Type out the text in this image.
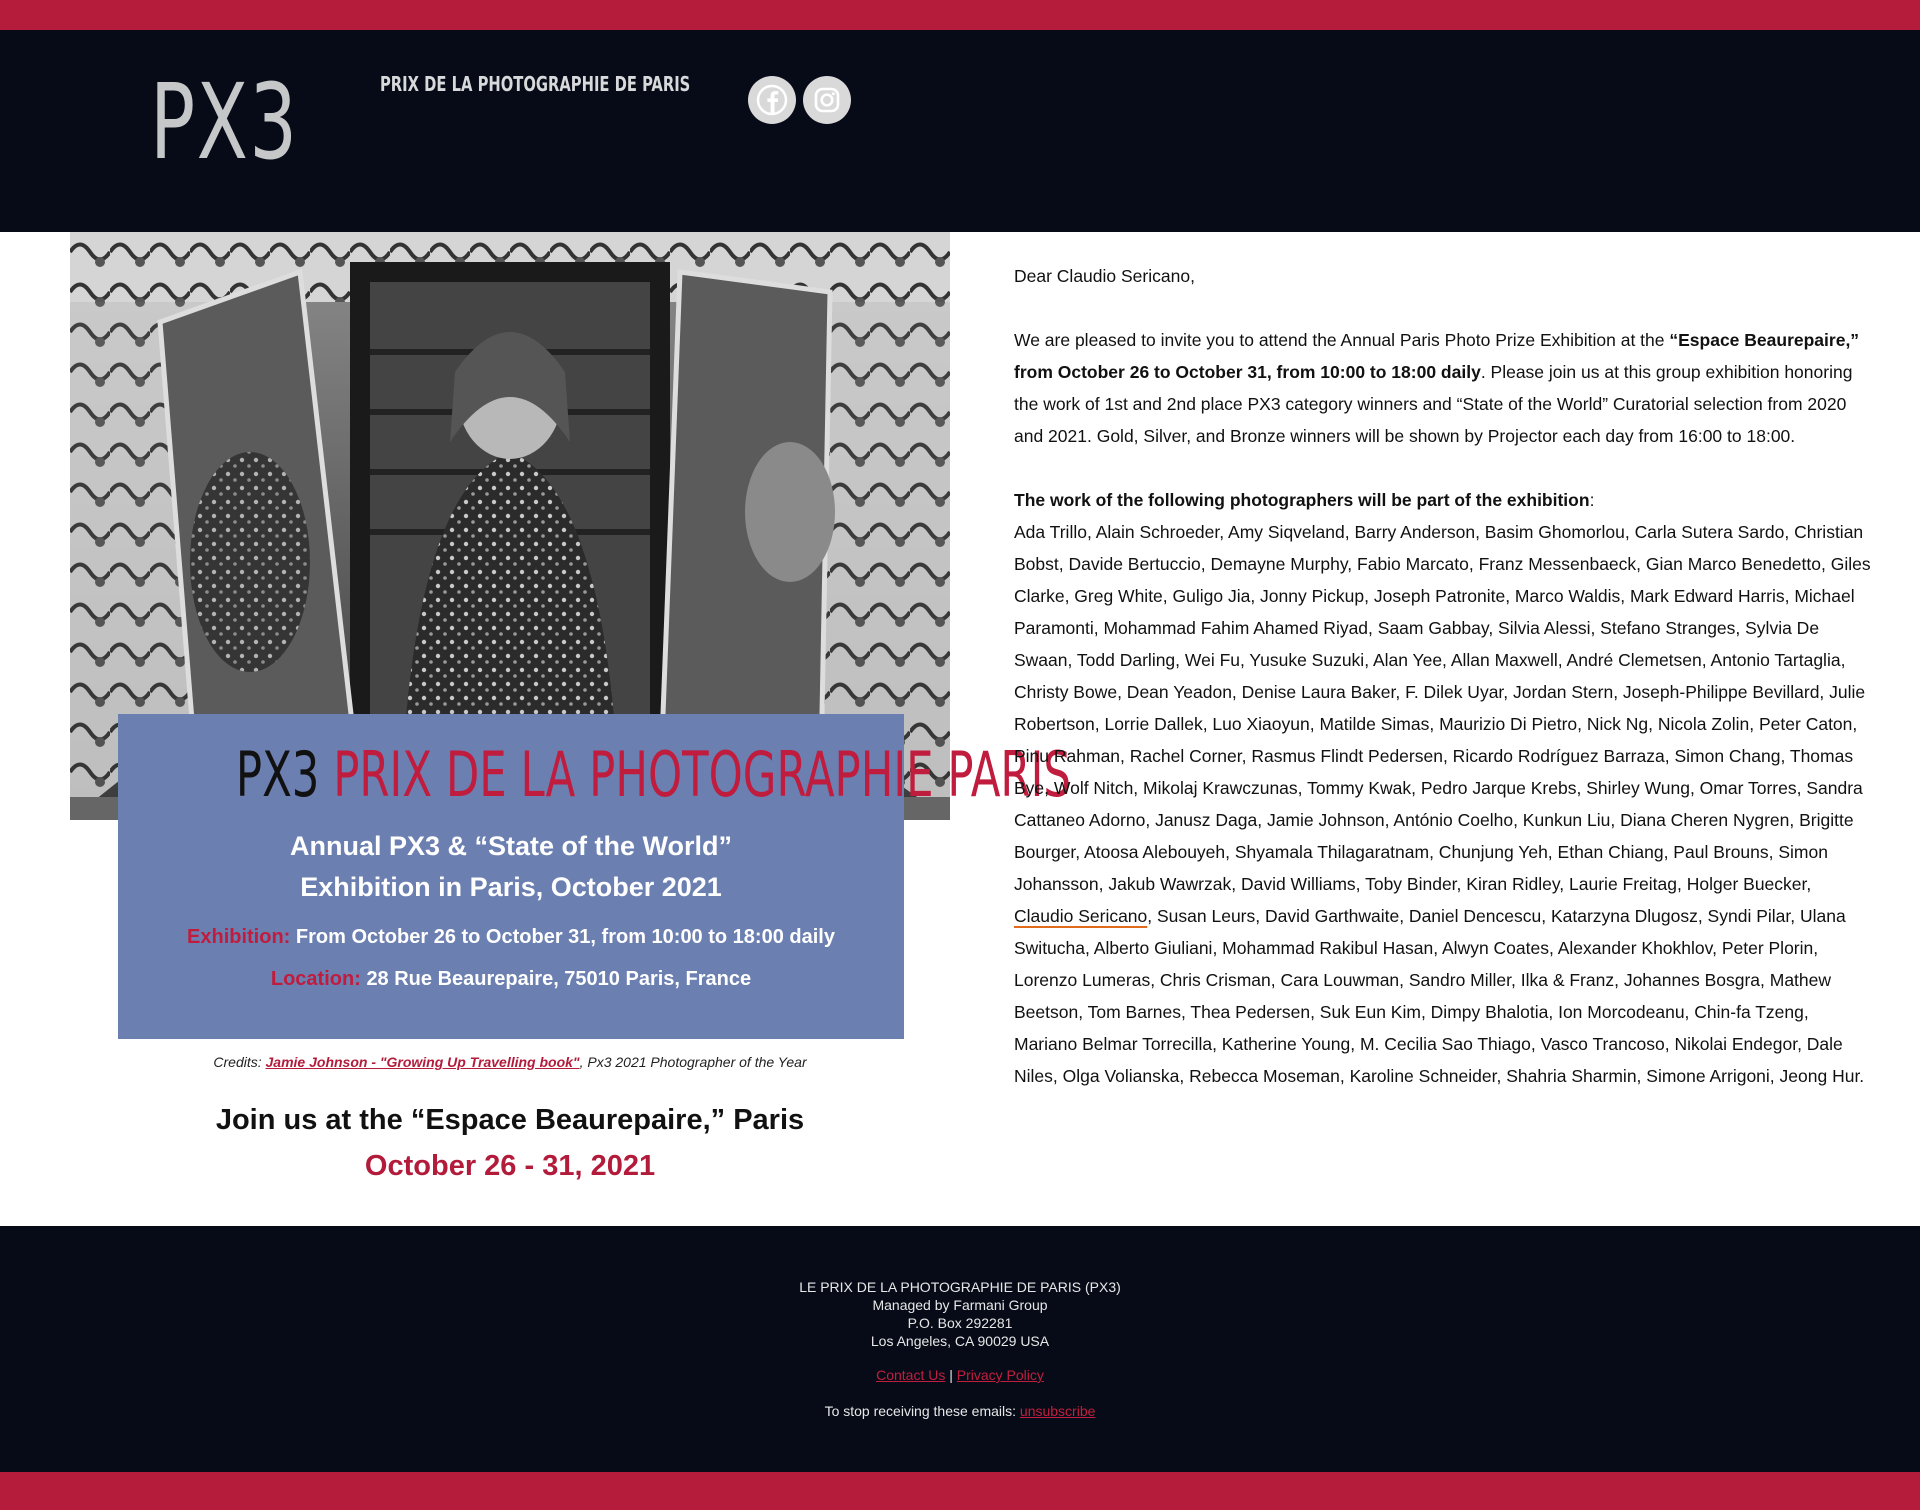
PX3	PRIX DE LA PHOTOGRAPHIE DE PARIS
PX3 PRIX DE LA PHOTOGRAPHIE PARIS
Annual PX3 & “State of the World”
Exhibition in Paris, October 2021
Exhibition: From October 26 to October 31, from 10:00 to 18:00 daily
Location: 28 Rue Beaurepaire, 75010 Paris, France
Credits: Jamie Johnson - "Growing Up Travelling book", Px3 2021 Photographer of the Year
Join us at the “Espace Beaurepaire,” Paris
October 26 - 31, 2021

Dear Claudio Sericano,

We are pleased to invite you to attend the Annual Paris Photo Prize Exhibition at the “Espace Beaurepaire,” from October 26 to October 31, from 10:00 to 18:00 daily. Please join us at this group exhibition honoring the work of 1st and 2nd place PX3 category winners and “State of the World” Curatorial selection from 2020 and 2021. Gold, Silver, and Bronze winners will be shown by Projector each day from 16:00 to 18:00.

The work of the following photographers will be part of the exhibition:

Ada Trillo, Alain Schroeder, Amy Siqveland, Barry Anderson, Basim Ghomorlou, Carla Sutera Sardo, Christian Bobst, Davide Bertuccio, Demayne Murphy, Fabio Marcato, Franz Messenbaeck, Gian Marco Benedetto, Giles Clarke, Greg White, Guligo Jia, Jonny Pickup, Joseph Patronite, Marco Waldis, Mark Edward Harris, Michael Paramonti, Mohammad Fahim Ahamed Riyad, Saam Gabbay, Silvia Alessi, Stefano Stranges, Sylvia De Swaan, Todd Darling, Wei Fu, Yusuke Suzuki, Alan Yee, Allan Maxwell, André Clemetsen, Antonio Tartaglia, Christy Bowe, Dean Yeadon, Denise Laura Baker, F. Dilek Uyar, Jordan Stern, Joseph-Philippe Bevillard, Julie Robertson, Lorrie Dallek, Luo Xiaoyun, Matilde Simas, Maurizio Di Pietro, Nick Ng, Nicola Zolin, Peter Caton, Pinu Rahman, Rachel Corner, Rasmus Flindt Pedersen, Ricardo Rodríguez Barraza, Simon Chang, Thomas Bye, Wolf Nitch, Mikolaj Krawczunas, Tommy Kwak, Pedro Jarque Krebs, Shirley Wung, Omar Torres, Sandra Cattaneo Adorno, Janusz Daga, Jamie Johnson, António Coelho, Kunkun Liu, Diana Cheren Nygren, Brigitte Bourger, Atoosa Alebouyeh, Shyamala Thilagaratnam, Chunjung Yeh, Ethan Chiang, Paul Brouns, Simon Johansson, Jakub Wawrzak, David Williams, Toby Binder, Kiran Ridley, Laurie Freitag, Holger Buecker, Claudio Sericano, Susan Leurs, David Garthwaite, Daniel Dencescu, Katarzyna Dlugosz, Syndi Pilar, Ulana Switucha, Alberto Giuliani, Mohammad Rakibul Hasan, Alwyn Coates, Alexander Khokhlov, Peter Plorin, Lorenzo Lumeras, Chris Crisman, Cara Louwman, Sandro Miller, Ilka & Franz, Johannes Bosgra, Mathew Beetson, Tom Barnes, Thea Pedersen, Suk Eun Kim, Dimpy Bhalotia, Ion Morcodeanu, Chin-fa Tzeng, Mariano Belmar Torrecilla, Katherine Young, M. Cecilia Sao Thiago, Vasco Trancoso, Nikolai Endegor, Dale Niles, Olga Volianska, Rebecca Moseman, Karoline Schneider, Shahria Sharmin, Simone Arrigoni, Jeong Hur.

LE PRIX DE LA PHOTOGRAPHIE DE PARIS (PX3)
Managed by Farmani Group
P.O. Box 292281
Los Angeles, CA 90029 USA
Contact Us | Privacy Policy
To stop receiving these emails: unsubscribe
